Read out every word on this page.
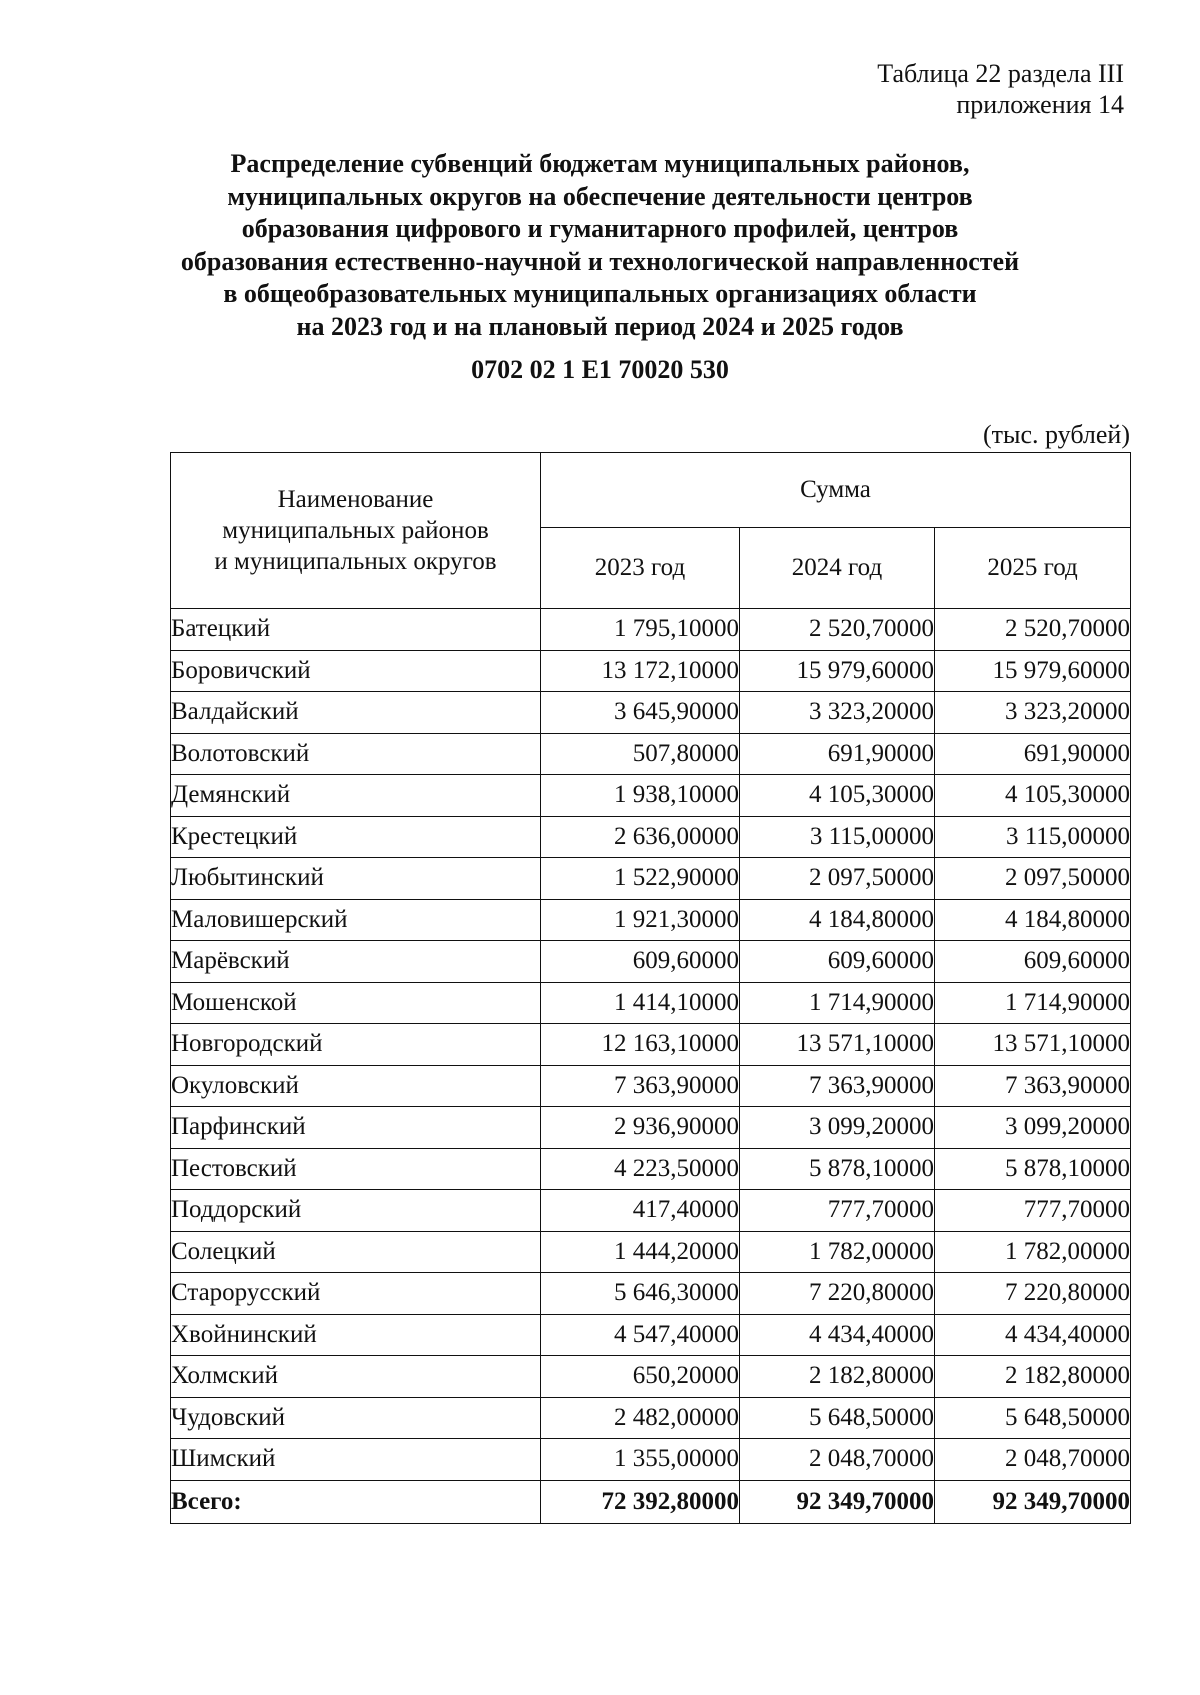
Таблица 22 раздела III
приложения 14
Распределение субвенций бюджетам муниципальных районов,
муниципальных округов на обеспечение деятельности центров
образования цифрового и гуманитарного профилей, центров
образования естественно-научной и технологической направленностей
в общеобразовательных муниципальных организациях области
на 2023 год и на плановый период 2024 и 2025 годов
0702 02 1 Е1 70020 530
(тыс. рублей)
Наименование
муниципальных районов
и муниципальных округов	Сумма		
	2023 год	2024 год	2025 год
Батецкий	1 795,10000	2 520,70000	2 520,70000
Боровичский	13 172,10000	15 979,60000	15 979,60000
Валдайский	3 645,90000	3 323,20000	3 323,20000
Волотовский	507,80000	691,90000	691,90000
Демянский	1 938,10000	4 105,30000	4 105,30000
Крестецкий	2 636,00000	3 115,00000	3 115,00000
Любытинский	1 522,90000	2 097,50000	2 097,50000
Маловишерский	1 921,30000	4 184,80000	4 184,80000
Марёвский	609,60000	609,60000	609,60000
Мошенской	1 414,10000	1 714,90000	1 714,90000
Новгородский	12 163,10000	13 571,10000	13 571,10000
Окуловский	7 363,90000	7 363,90000	7 363,90000
Парфинский	2 936,90000	3 099,20000	3 099,20000
Пестовский	4 223,50000	5 878,10000	5 878,10000
Поддорский	417,40000	777,70000	777,70000
Солецкий	1 444,20000	1 782,00000	1 782,00000
Старорусский	5 646,30000	7 220,80000	7 220,80000
Хвойнинский	4 547,40000	4 434,40000	4 434,40000
Холмский	650,20000	2 182,80000	2 182,80000
Чудовский	2 482,00000	5 648,50000	5 648,50000
Шимский	1 355,00000	2 048,70000	2 048,70000
Всего:	72 392,80000	92 349,70000	92 349,70000
